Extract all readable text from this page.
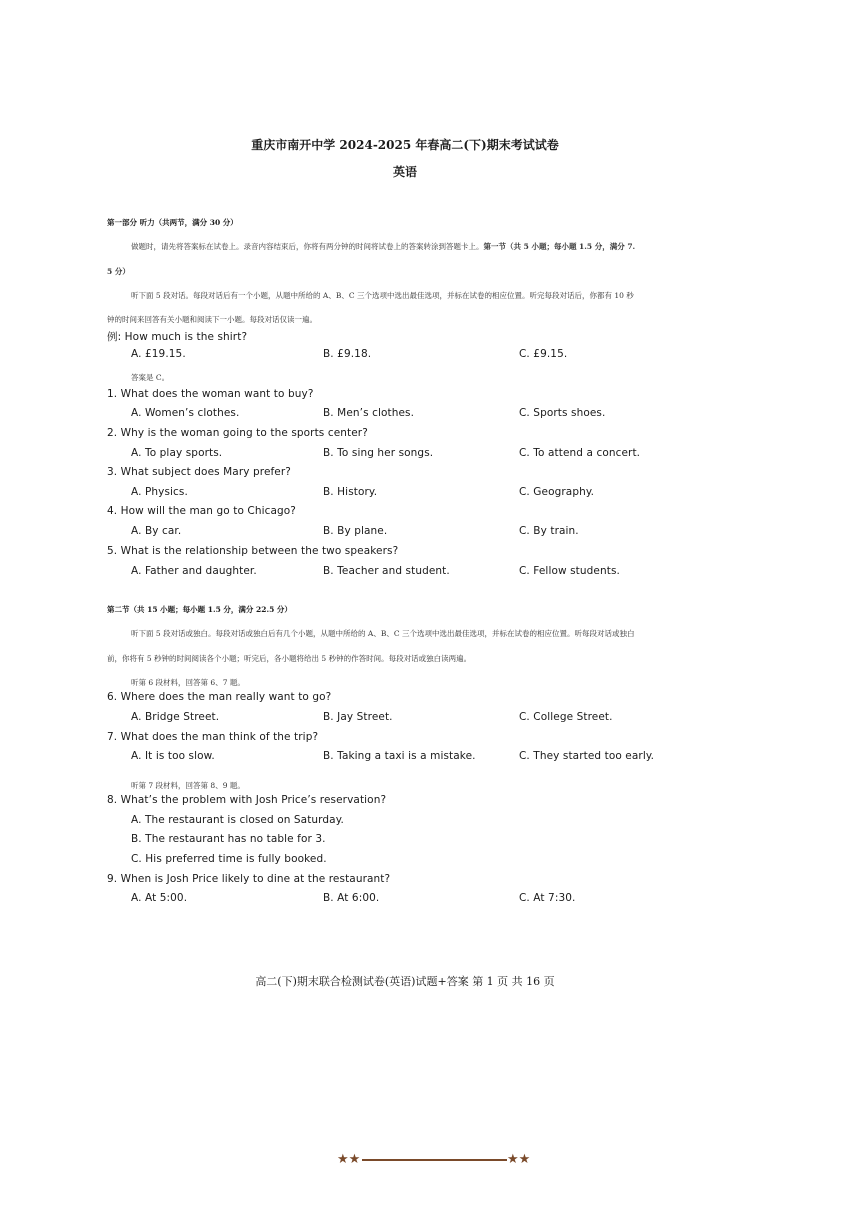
重庆市南开中学 2024-2025 年春高二(下)期末考试试卷
英语
第一部分 听力（共两节，满分 30 分）
做题时，请先将答案标在试卷上。录音内容结束后，你将有两分钟的时间将试卷上的答案转涂到答题卡上。第一节（共 5 小题；每小题 1.5 分，满分 7.
5 分）
听下面 5 段对话。每段对话后有一个小题，从题中所给的 A、B、C 三个选项中选出最佳选项，并标在试卷的相应位置。听完每段对话后，你都有 10 秒
钟的时间来回答有关小题和阅读下一小题。每段对话仅读一遍。
例: How much is the shirt?
A. £19.15.	B. £9.18.	C. £9.15.
答案是 C。
1. What does the woman want to buy?
A. Women’s clothes.	B. Men’s clothes.	C. Sports shoes.
2. Why is the woman going to the sports center?
A. To play sports.	B. To sing her songs.	C. To attend a concert.
3. What subject does Mary prefer?
A. Physics.	B. History.	C. Geography.
4. How will the man go to Chicago?
A. By car.	B. By plane.	C. By train.
5. What is the relationship between the two speakers?
A. Father and daughter.	B. Teacher and student.	C. Fellow students.
第二节（共 15 小题；每小题 1.5 分，满分 22.5 分）
听下面 5 段对话或独白。每段对话或独白后有几个小题，从题中所给的 A、B、C 三个选项中选出最佳选项，并标在试卷的相应位置。听每段对话或独白
前，你将有 5 秒钟的时间阅读各个小题；听完后，各小题将给出 5 秒钟的作答时间。每段对话或独白读两遍。
听第 6 段材料，回答第 6、7 题。
6. Where does the man really want to go?
A. Bridge Street.	B. Jay Street.	C. College Street.
7. What does the man think of the trip?
A. It is too slow.	B. Taking a taxi is a mistake.	C. They started too early.
听第 7 段材料，回答第 8、9 题。
8. What’s the problem with Josh Price’s reservation?
A. The restaurant is closed on Saturday.
B. The restaurant has no table for 3.
C. His preferred time is fully booked.
9. When is Josh Price likely to dine at the restaurant?
A. At 5:00.	B. At 6:00.	C. At 7:30.
高二(下)期末联合检测试卷(英语)试题+答案 第 1 页 共 16 页
★★	★★
